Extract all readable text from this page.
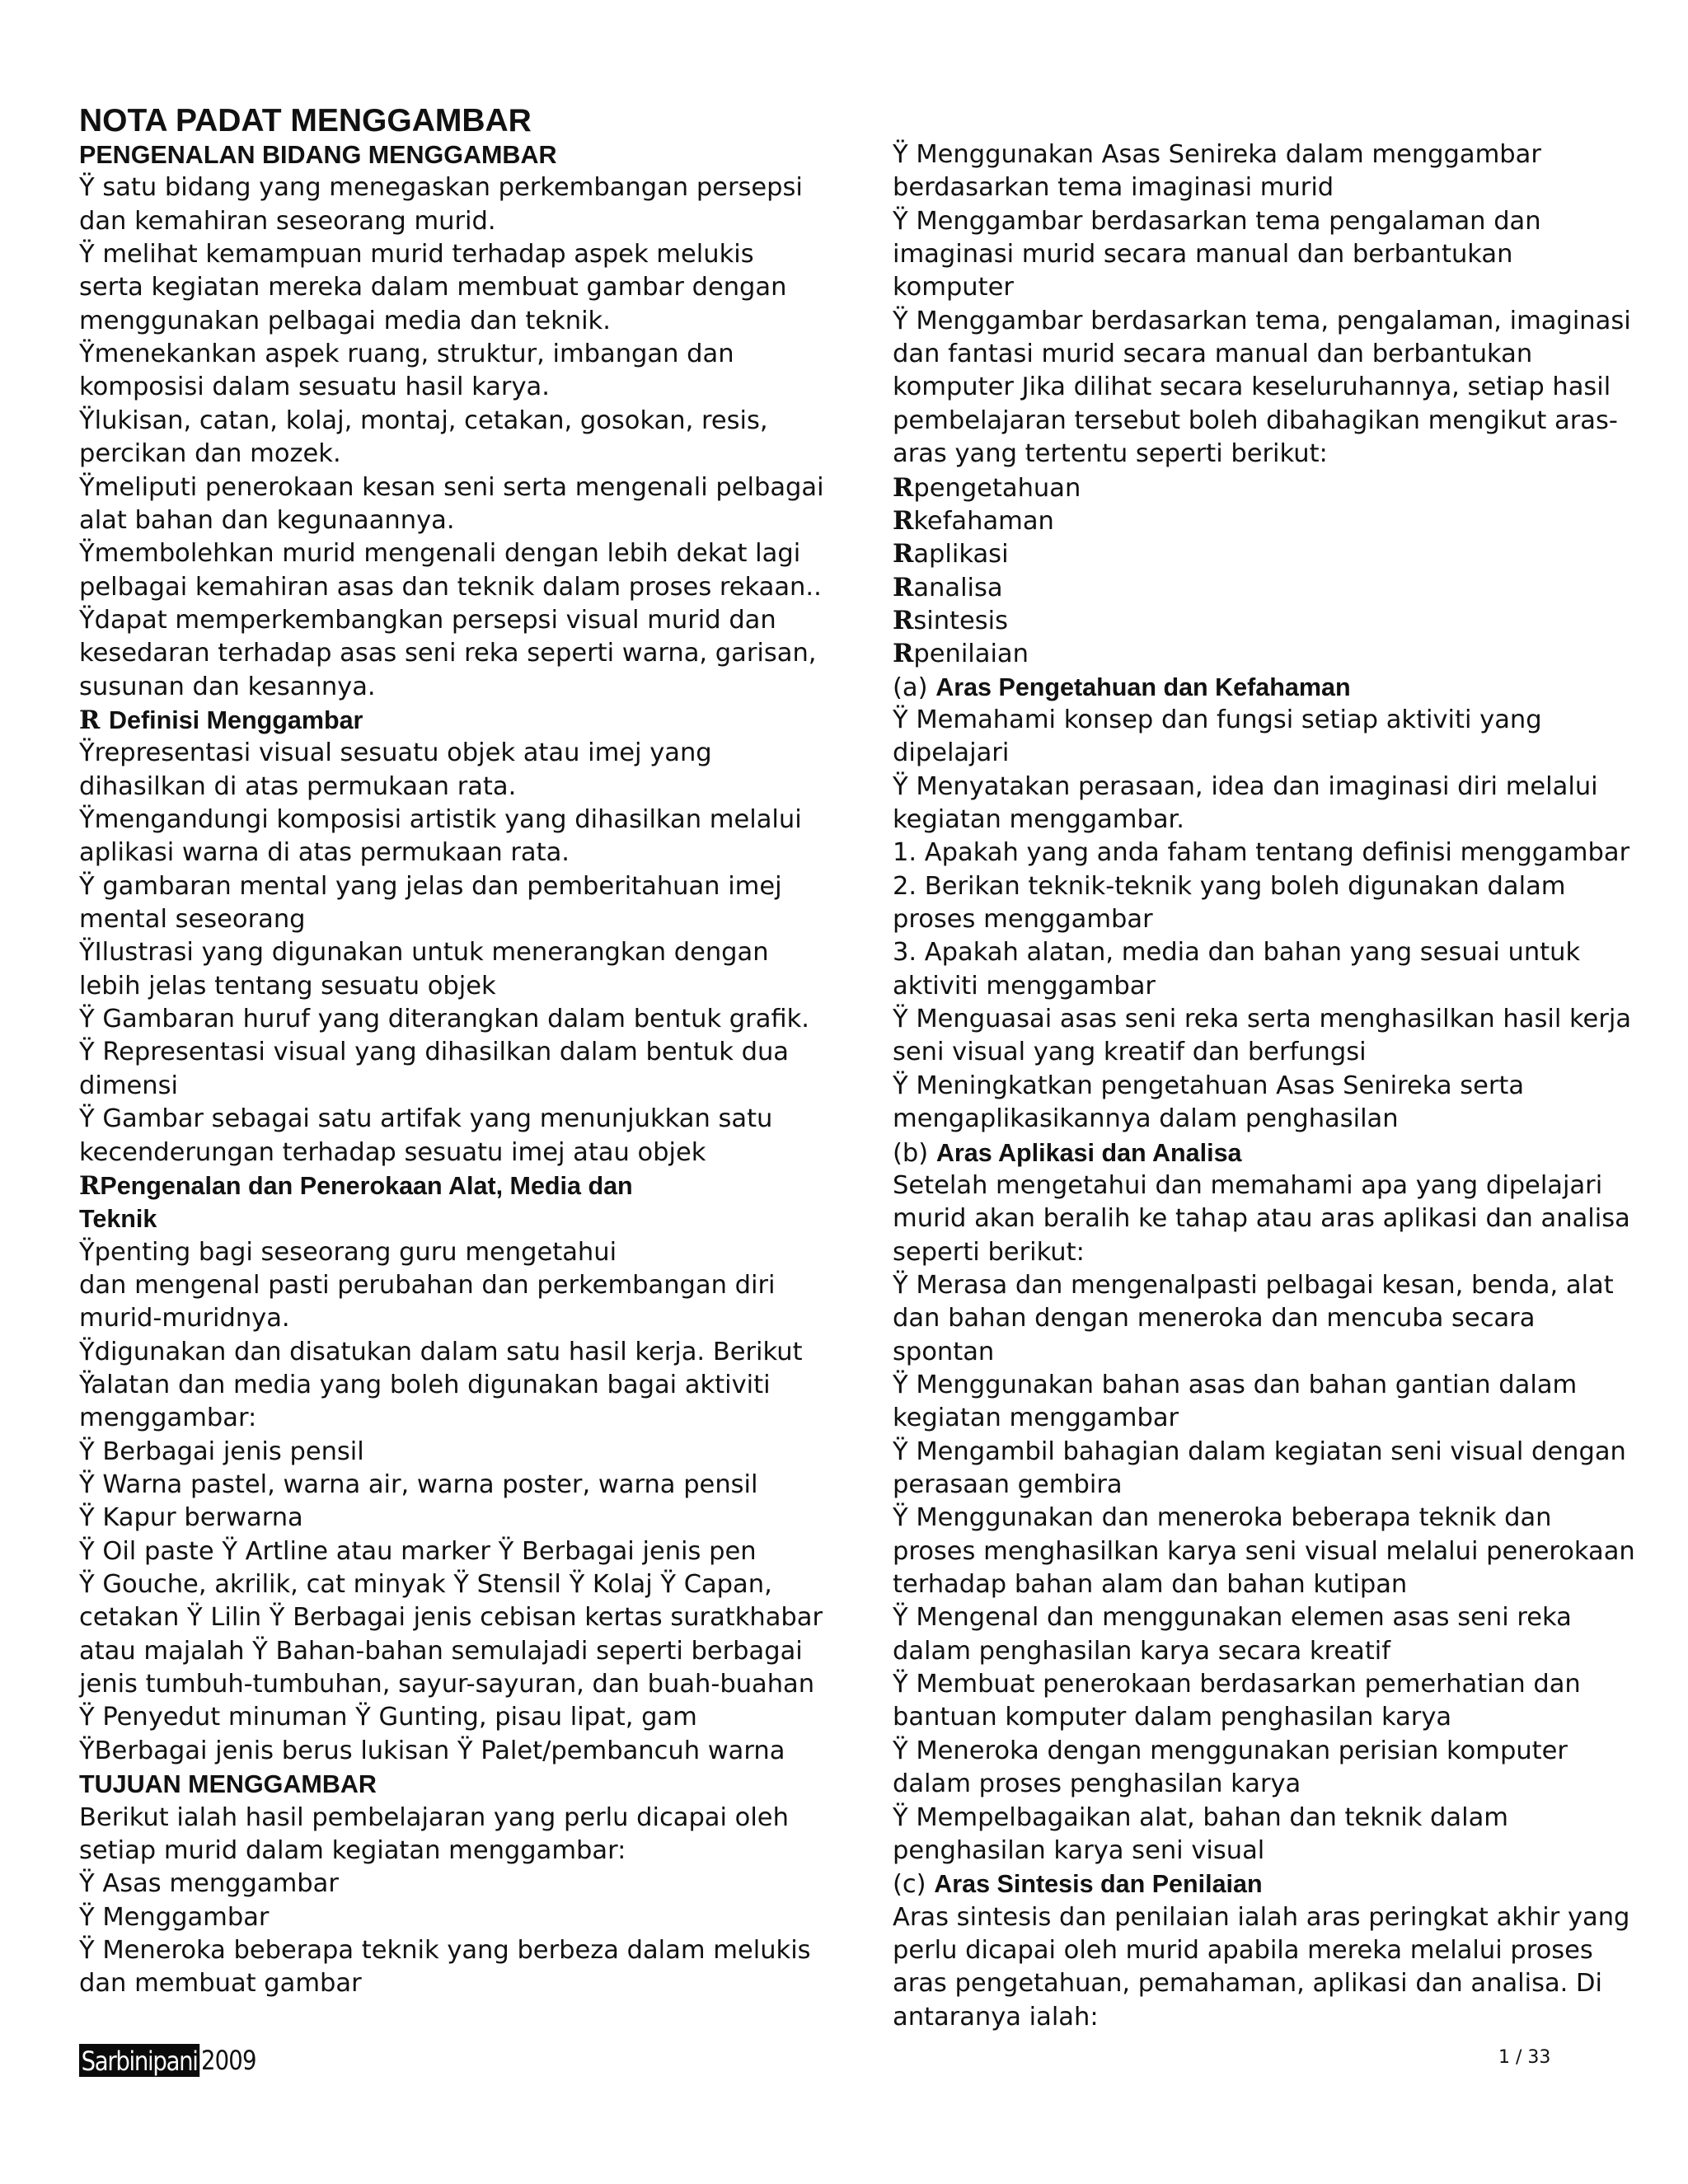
NOTA PADAT MENGGAMBAR
PENGENALAN BIDANG MENGGAMBAR
Ÿ satu bidang yang menegaskan perkembangan persepsi
dan kemahiran seseorang murid.
Ÿ melihat kemampuan murid terhadap aspek melukis
serta kegiatan mereka dalam membuat gambar dengan
menggunakan pelbagai media dan teknik.
Ÿmenekankan aspek ruang, struktur, imbangan dan
komposisi dalam sesuatu hasil karya.
Ÿlukisan, catan, kolaj, montaj, cetakan, gosokan, resis,
percikan dan mozek.
Ÿmeliputi penerokaan kesan seni serta mengenali pelbagai
alat bahan dan kegunaannya.
Ÿmembolehkan murid mengenali dengan lebih dekat lagi
pelbagai kemahiran asas dan teknik dalam proses rekaan..
Ÿdapat memperkembangkan persepsi visual murid dan
kesedaran terhadap asas seni reka seperti warna, garisan,
susunan dan kesannya.
R Definisi Menggambar
Ÿrepresentasi visual sesuatu objek atau imej yang
dihasilkan di atas permukaan rata.
Ÿmengandungi komposisi artistik yang dihasilkan melalui
aplikasi warna di atas permukaan rata.
Ÿ gambaran mental yang jelas dan pemberitahuan imej
mental seseorang
ŸIlustrasi yang digunakan untuk menerangkan dengan
lebih jelas tentang sesuatu objek
Ÿ Gambaran huruf yang diterangkan dalam bentuk grafik.
Ÿ Representasi visual yang dihasilkan dalam bentuk dua
dimensi
Ÿ Gambar sebagai satu artifak yang menunjukkan satu
kecenderungan terhadap sesuatu imej atau objek
RPengenalan dan Penerokaan Alat, Media dan
Teknik
Ÿpenting bagi seseorang guru mengetahui
dan mengenal pasti perubahan dan perkembangan diri
murid-muridnya.
Ÿdigunakan dan disatukan dalam satu hasil kerja. Berikut
Ÿalatan dan media yang boleh digunakan bagai aktiviti
menggambar:
Ÿ Berbagai jenis pensil
Ÿ Warna pastel, warna air, warna poster, warna pensil
Ÿ Kapur berwarna
Ÿ Oil paste Ÿ Artline atau marker Ÿ Berbagai jenis pen
Ÿ Gouche, akrilik, cat minyak Ÿ Stensil Ÿ Kolaj Ÿ Capan,
cetakan Ÿ Lilin Ÿ Berbagai jenis cebisan kertas suratkhabar
atau majalah Ÿ Bahan-bahan semulajadi seperti berbagai
jenis tumbuh-tumbuhan, sayur-sayuran, dan buah-buahan
Ÿ Penyedut minuman Ÿ Gunting, pisau lipat, gam
ŸBerbagai jenis berus lukisan Ÿ Palet/pembancuh warna
TUJUAN MENGGAMBAR
Berikut ialah hasil pembelajaran yang perlu dicapai oleh
setiap murid dalam kegiatan menggambar:
Ÿ Asas menggambar
Ÿ Menggambar
Ÿ Meneroka beberapa teknik yang berbeza dalam melukis
dan membuat gambar
Ÿ Menggunakan Asas Senireka dalam menggambar
berdasarkan tema imaginasi murid
Ÿ Menggambar berdasarkan tema pengalaman dan
imaginasi murid secara manual dan berbantukan
komputer
Ÿ Menggambar berdasarkan tema, pengalaman, imaginasi
dan fantasi murid secara manual dan berbantukan
komputer Jika dilihat secara keseluruhannya, setiap hasil
pembelajaran tersebut boleh dibahagikan mengikut aras-
aras yang tertentu seperti berikut:
Rpengetahuan
Rkefahaman
Raplikasi
Ranalisa
Rsintesis
Rpenilaian
(a) Aras Pengetahuan dan Kefahaman
Ÿ Memahami konsep dan fungsi setiap aktiviti yang
dipelajari
Ÿ Menyatakan perasaan, idea dan imaginasi diri melalui
kegiatan menggambar.
1. Apakah yang anda faham tentang definisi menggambar
2. Berikan teknik-teknik yang boleh digunakan dalam
proses menggambar
3. Apakah alatan, media dan bahan yang sesuai untuk
aktiviti menggambar
Ÿ Menguasai asas seni reka serta menghasilkan hasil kerja
seni visual yang kreatif dan berfungsi
Ÿ Meningkatkan pengetahuan Asas Senireka serta
mengaplikasikannya dalam penghasilan
(b) Aras Aplikasi dan Analisa
Setelah mengetahui dan memahami apa yang dipelajari
murid akan beralih ke tahap atau aras aplikasi dan analisa
seperti berikut:
Ÿ Merasa dan mengenalpasti pelbagai kesan, benda, alat
dan bahan dengan meneroka dan mencuba secara
spontan
Ÿ Menggunakan bahan asas dan bahan gantian dalam
kegiatan menggambar
Ÿ Mengambil bahagian dalam kegiatan seni visual dengan
perasaan gembira
Ÿ Menggunakan dan meneroka beberapa teknik dan
proses menghasilkan karya seni visual melalui penerokaan
terhadap bahan alam dan bahan kutipan
Ÿ Mengenal dan menggunakan elemen asas seni reka
dalam penghasilan karya secara kreatif
Ÿ Membuat penerokaan berdasarkan pemerhatian dan
bantuan komputer dalam penghasilan karya
Ÿ Meneroka dengan menggunakan perisian komputer
dalam proses penghasilan karya
Ÿ Mempelbagaikan alat, bahan dan teknik dalam
penghasilan karya seni visual
(c) Aras Sintesis dan Penilaian
Aras sintesis dan penilaian ialah aras peringkat akhir yang
perlu dicapai oleh murid apabila mereka melalui proses
aras pengetahuan, pemahaman, aplikasi dan analisa. Di
antaranya ialah:
Sarbinipani 2009	1 / 33
